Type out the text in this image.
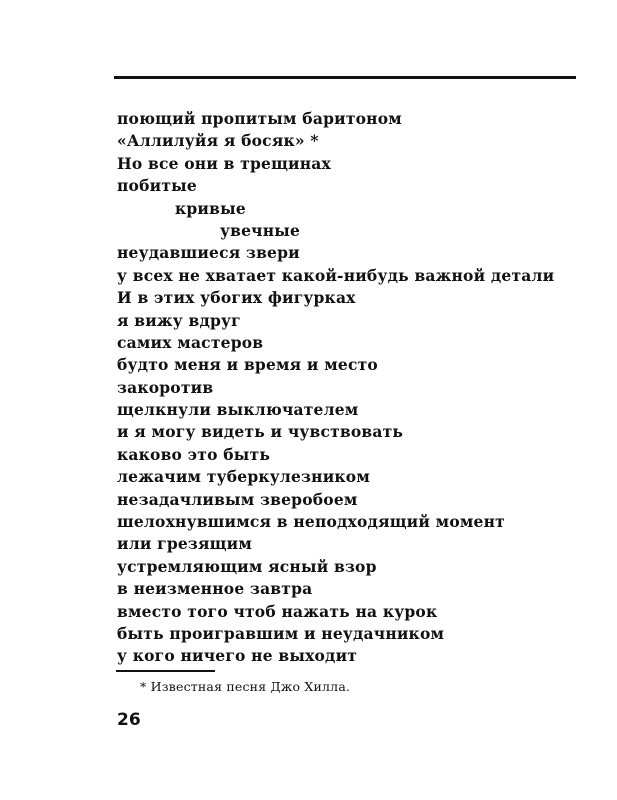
поющий пропитым баритоном
«Аллилуйя я босяк» *
Но все они в трещинах
побитые
кривые
увечные
неудавшиеся звери
у всех не хватает какой-нибудь важной детали
И в этих убогих фигурках
я вижу вдруг
самих мастеров
будто меня и время и место
закоротив
щелкнули выключателем
и я могу видеть и чувствовать
каково это быть
лежачим туберкулезником
незадачливым зверобоем
шелохнувшимся в неподходящий момент
или грезящим
устремляющим ясный взор
в неизменное завтра
вместо того чтоб нажать на курок
быть проигравшим и неудачником
у кого ничего не выходит
* Известная песня Джо Хилла.
26
